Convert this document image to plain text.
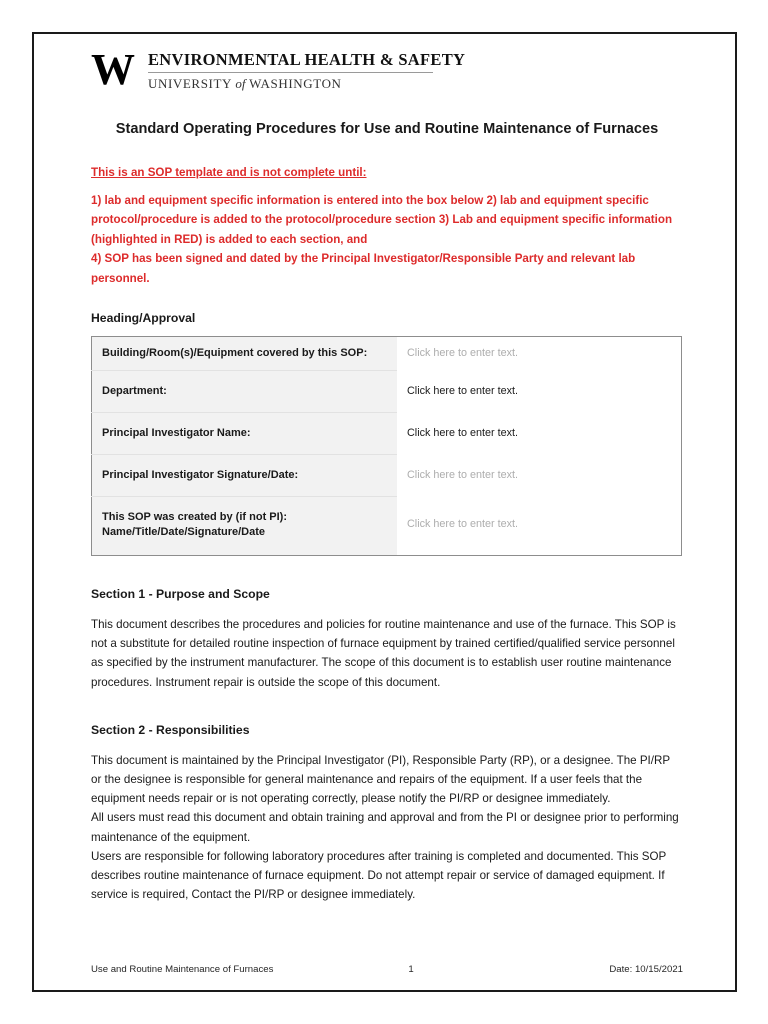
W ENVIRONMENTAL HEALTH & SAFETY
UNIVERSITY of WASHINGTON
Standard Operating Procedures for Use and Routine Maintenance of Furnaces
This is an SOP template and is not complete until:

1) lab and equipment specific information is entered into the box below 2) lab and equipment specific protocol/procedure is added to the protocol/procedure section 3) Lab and equipment specific information (highlighted in RED) is added to each section, and

4) SOP has been signed and dated by the Principal Investigator/Responsible Party and relevant lab personnel.

Heading/Approval
Building/Room(s)/Equipment covered by this SOP:	Click here to enter text.
Department:	Click here to enter text.
Principal Investigator Name:	Click here to enter text.
Principal Investigator Signature/Date:	Click here to enter text.

This SOP was created by (if not PI):
Name/Title/Date/Signature/Date	Click here to enter text.
Section 1 - Purpose and Scope

This document describes the procedures and policies for routine maintenance and use of the furnace. This SOP is not a substitute for detailed routine inspection of furnace equipment by trained certified/qualified service personnel as specified by the instrument manufacturer. The scope of this document is to establish user routine maintenance procedures. Instrument repair is outside the scope of this document.

Section 2 - Responsibilities

This document is maintained by the Principal Investigator (PI), Responsible Party (RP), or a designee. The PI/RP or the designee is responsible for general maintenance and repairs of the equipment. If a user feels that the equipment needs repair or is not operating correctly, please notify the PI/RP or designee immediately.

All users must read this document and obtain training and approval and from the PI or designee prior to performing maintenance of the equipment.

Users are responsible for following laboratory procedures after training is completed and documented. This SOP describes routine maintenance of furnace equipment. Do not attempt repair or service of damaged equipment. If service is required, Contact the PI/RP or designee immediately.

Use and Routine Maintenance of Furnaces	1	Date: 10/15/2021
